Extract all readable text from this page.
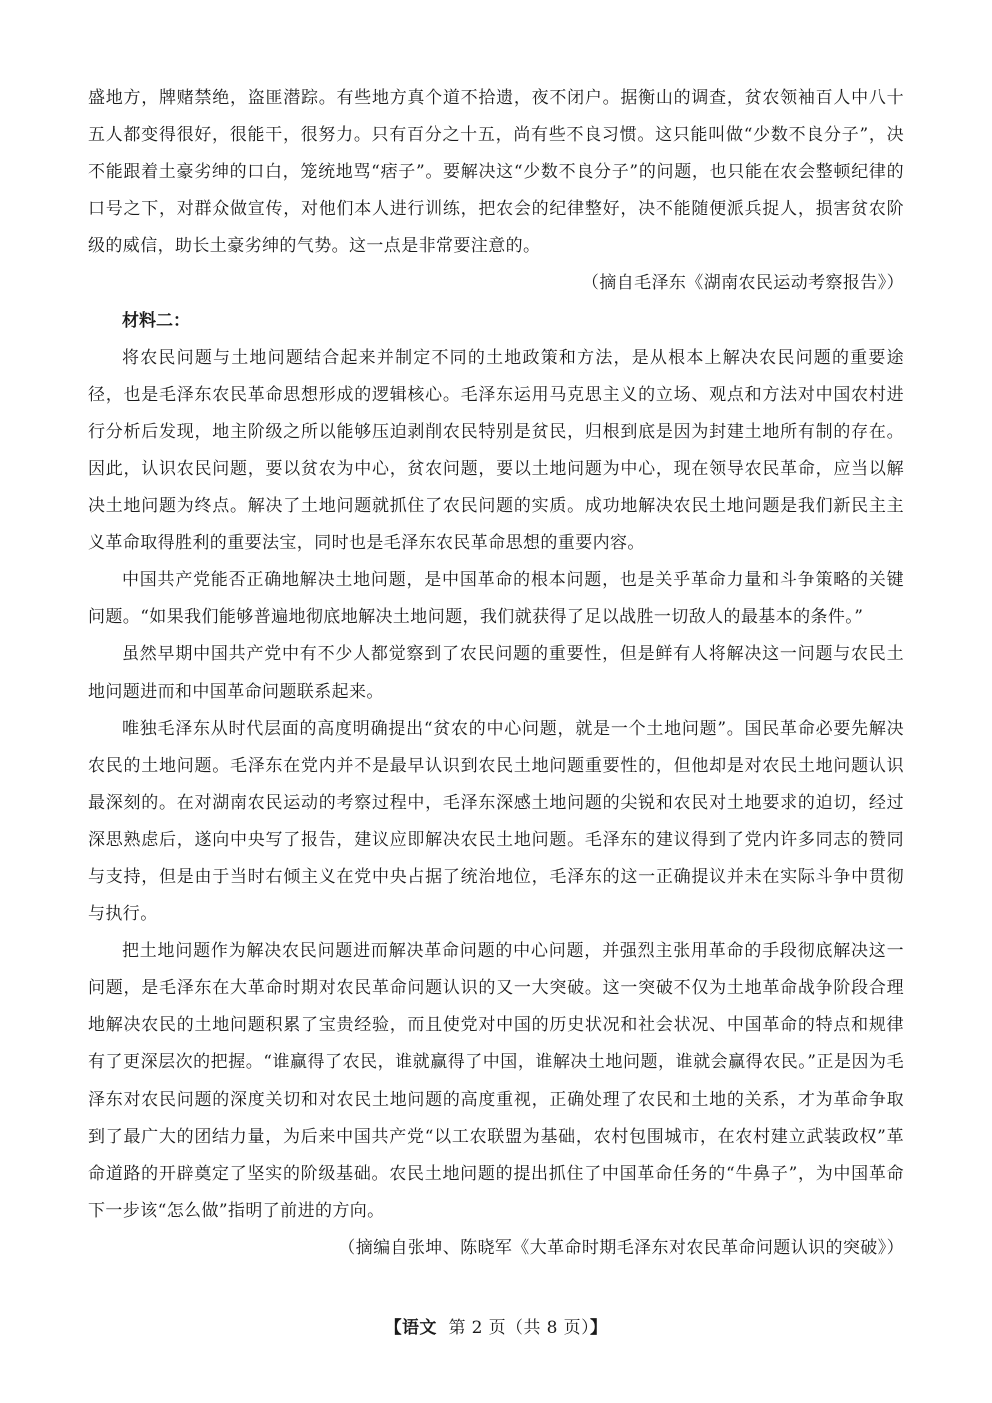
盛地方，牌赌禁绝，盗匪潜踪。有些地方真个道不拾遗，夜不闭户。据衡山的调查，贫农领袖百人中八十五人都变得很好，很能干，很努力。只有百分之十五，尚有些不良习惯。这只能叫做“少数不良分子”，决不能跟着土豪劣绅的口白，笼统地骂“痞子”。要解决这“少数不良分子”的问题，也只能在农会整顿纪律的口号之下，对群众做宣传，对他们本人进行训练，把农会的纪律整好，决不能随便派兵捉人，损害贫农阶级的威信，助长土豪劣绅的气势。这一点是非常要注意的。

（摘自毛泽东《湖南农民运动考察报告》）

材料二：

将农民问题与土地问题结合起来并制定不同的土地政策和方法，是从根本上解决农民问题的重要途径，也是毛泽东农民革命思想形成的逻辑核心。毛泽东运用马克思主义的立场、观点和方法对中国农村进行分析后发现，地主阶级之所以能够压迫剥削农民特别是贫民，归根到底是因为封建土地所有制的存在。因此，认识农民问题，要以贫农为中心，贫农问题，要以土地问题为中心，现在领导农民革命，应当以解决土地问题为终点。解决了土地问题就抓住了农民问题的实质。成功地解决农民土地问题是我们新民主主义革命取得胜利的重要法宝，同时也是毛泽东农民革命思想的重要内容。

中国共产党能否正确地解决土地问题，是中国革命的根本问题，也是关乎革命力量和斗争策略的关键问题。“如果我们能够普遍地彻底地解决土地问题，我们就获得了足以战胜一切敌人的最基本的条件。”

虽然早期中国共产党中有不少人都觉察到了农民问题的重要性，但是鲜有人将解决这一问题与农民土地问题进而和中国革命问题联系起来。

唯独毛泽东从时代层面的高度明确提出“贫农的中心问题，就是一个土地问题”。国民革命必要先解决农民的土地问题。毛泽东在党内并不是最早认识到农民土地问题重要性的，但他却是对农民土地问题认识最深刻的。在对湖南农民运动的考察过程中，毛泽东深感土地问题的尖锐和农民对土地要求的迫切，经过深思熟虑后，遂向中央写了报告，建议应即解决农民土地问题。毛泽东的建议得到了党内许多同志的赞同与支持，但是由于当时右倾主义在党中央占据了统治地位，毛泽东的这一正确提议并未在实际斗争中贯彻与执行。

把土地问题作为解决农民问题进而解决革命问题的中心问题，并强烈主张用革命的手段彻底解决这一问题，是毛泽东在大革命时期对农民革命问题认识的又一大突破。这一突破不仅为土地革命战争阶段合理地解决农民的土地问题积累了宝贵经验，而且使党对中国的历史状况和社会状况、中国革命的特点和规律有了更深层次的把握。“谁赢得了农民，谁就赢得了中国，谁解决土地问题，谁就会赢得农民。”正是因为毛泽东对农民问题的深度关切和对农民土地问题的高度重视，正确处理了农民和土地的关系，才为革命争取到了最广大的团结力量，为后来中国共产党“以工农联盟为基础，农村包围城市，在农村建立武装政权”革命道路的开辟奠定了坚实的阶级基础。农民土地问题的提出抓住了中国革命任务的“牛鼻子”，为中国革命下一步该“怎么做”指明了前进的方向。

（摘编自张坤、陈晓军《大革命时期毛泽东对农民革命问题认识的突破》）

【语文 第 2 页（共 8 页）】
